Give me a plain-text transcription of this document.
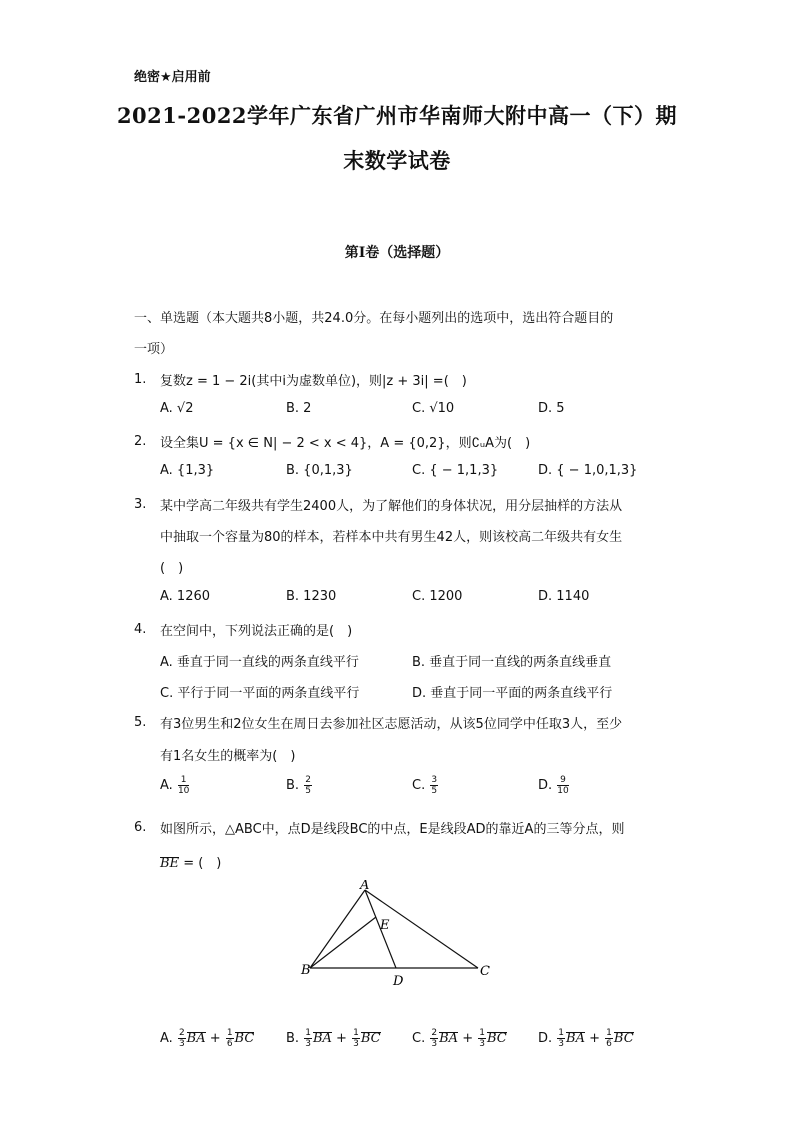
绝密★启用前
2021-2022学年广东省广州市华南师大附中高一（下）期
末数学试卷
第I卷（选择题）
一、单选题（本大题共8小题，共24.0分。在每小题列出的选项中，选出符合题目的
一项）
1. 复数z = 1 − 2i(其中i为虚数单位)，则|z + 3i| =(　)
A. √2	B. 2	C. √10	D. 5
2. 设全集U = {x ∈ N| − 2 < x < 4}，A = {0,2}，则∁ᵤA为(　)
A. {1,3}	B. {0,1,3}	C. { − 1,1,3}	D. { − 1,0,1,3}
3. 某中学高二年级共有学生2400人，为了解他们的身体状况，用分层抽样的方法从
中抽取一个容量为80的样本，若样本中共有男生42人，则该校高二年级共有女生
(　)
A. 1260	B. 1230	C. 1200	D. 1140
4. 在空间中，下列说法正确的是(　)
A. 垂直于同一直线的两条直线平行	B. 垂直于同一直线的两条直线垂直
C. 平行于同一平面的两条直线平行	D. 垂直于同一平面的两条直线平行
5. 有3位男生和2位女生在周日去参加社区志愿活动，从该5位同学中任取3人，至少
有1名女生的概率为(　)
A. $\frac{1}{10}$	B. $\frac{2}{5}$	C. $\frac{3}{5}$	D. $\frac{9}{10}$
6. 如图所示，△ABC中，点D是线段BC的中点，E是线段AD的靠近A的三等分点，则
BE = (　)
A
E
B	C
D
A. $\frac{2}{3}$ BA + $\frac{1}{6}$ BC B. $\frac{1}{3}$ BA + $\frac{1}{3}$ BC C. $\frac{2}{3}$ BA + $\frac{1}{3}$ BC D. $\frac{1}{3}$ BA + $\frac{1}{6}$ BC
